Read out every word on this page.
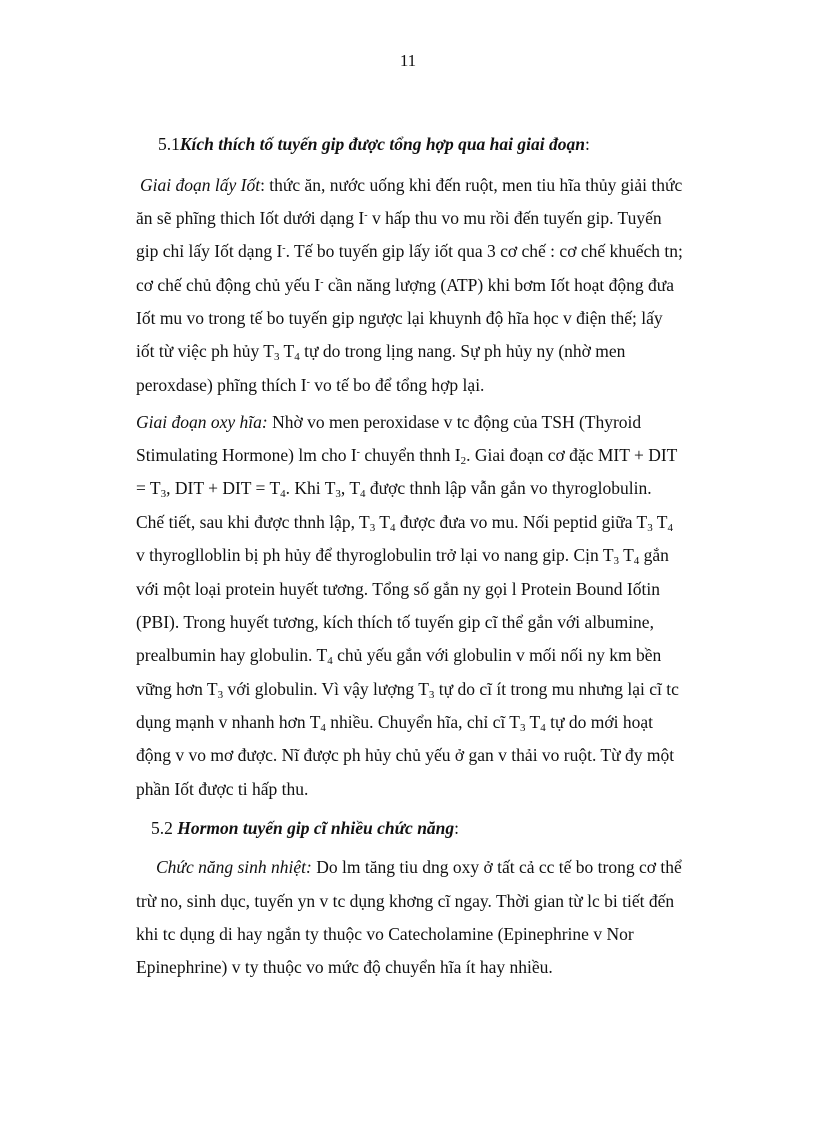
11
5.1Kích thích tố tuyến gip được tổng hợp qua hai giai đoạn:
Giai đoạn lấy Iốt: thức ăn, nước uống khi đến ruột, men tiu hĩa thủy giải thức
ăn sẽ phĩng thich Iốt dưới dạng I- v hấp thu vo mu rồi đến tuyến gip. Tuyến
gip chỉ lấy Iốt dạng I-. Tế bo tuyến gip lấy iốt qua 3 cơ chế : cơ chế khuếch tn;
cơ chế chủ động chủ yếu I- cần năng lượng (ATP) khi bơm Iốt hoạt động đưa
Iốt mu vo trong tế bo tuyến gip ngược lại khuynh độ hĩa học v điện thế; lấy
iốt từ việc ph hủy $T_3$ $T_4$ tự do trong lịng nang. Sự ph hủy ny (nhờ men
peroxdase) phĩng thích I- vo tế bo để tổng hợp lại.
Giai đoạn oxy hĩa: Nhờ vo men peroxidase v tc động của TSH (Thyroid
Stimulating Hormone) lm cho I- chuyển thnh $I_2$. Giai đoạn cơ đặc MIT + DIT
= $T_3$, DIT + DIT = $T_4$. Khi $T_3$, $T_4$ được thnh lập vẫn gắn vo thyroglobulin.
Chế tiết, sau khi được thnh lập, $T_3$ $T_4$ được đưa vo mu. Nối peptid giữa $T_3$ $T_4$
v thyroglloblin bị ph hủy để thyroglobulin trở lại vo nang gip. Cịn $T_3$ $T_4$ gắn
với một loại protein huyết tương. Tổng số gắn ny gọi l Protein Bound Iốtin
(PBI). Trong huyết tương, kích thích tố tuyến gip cĩ thể gắn với albumine,
prealbumin hay globulin. $T_4$ chủ yếu gắn với globulin v mối nối ny km bền
vững hơn $T_3$ với globulin. Vì vậy lượng $T_3$ tự do cĩ ít trong mu nhưng lại cĩ tc
dụng mạnh v nhanh hơn $T_4$ nhiều. Chuyển hĩa, chỉ cĩ $T_3$ $T_4$ tự do mới hoạt
động v vo mơ được. Nĩ được ph hủy chủ yếu ở gan v thải vo ruột. Từ đy một
phần Iốt được ti hấp thu.
5.2 Hormon tuyến gip cĩ nhiều chức năng:
Chức năng sinh nhiệt: Do lm tăng tiu dng oxy ở tất cả cc tế bo trong cơ thể
trừ no, sinh dục, tuyến yn v tc dụng khơng cĩ ngay. Thời gian từ lc bi tiết đến
khi tc dụng di hay ngắn ty thuộc vo Catecholamine (Epinephrine v Nor
Epinephrine) v ty thuộc vo mức độ chuyển hĩa ít hay nhiều.
